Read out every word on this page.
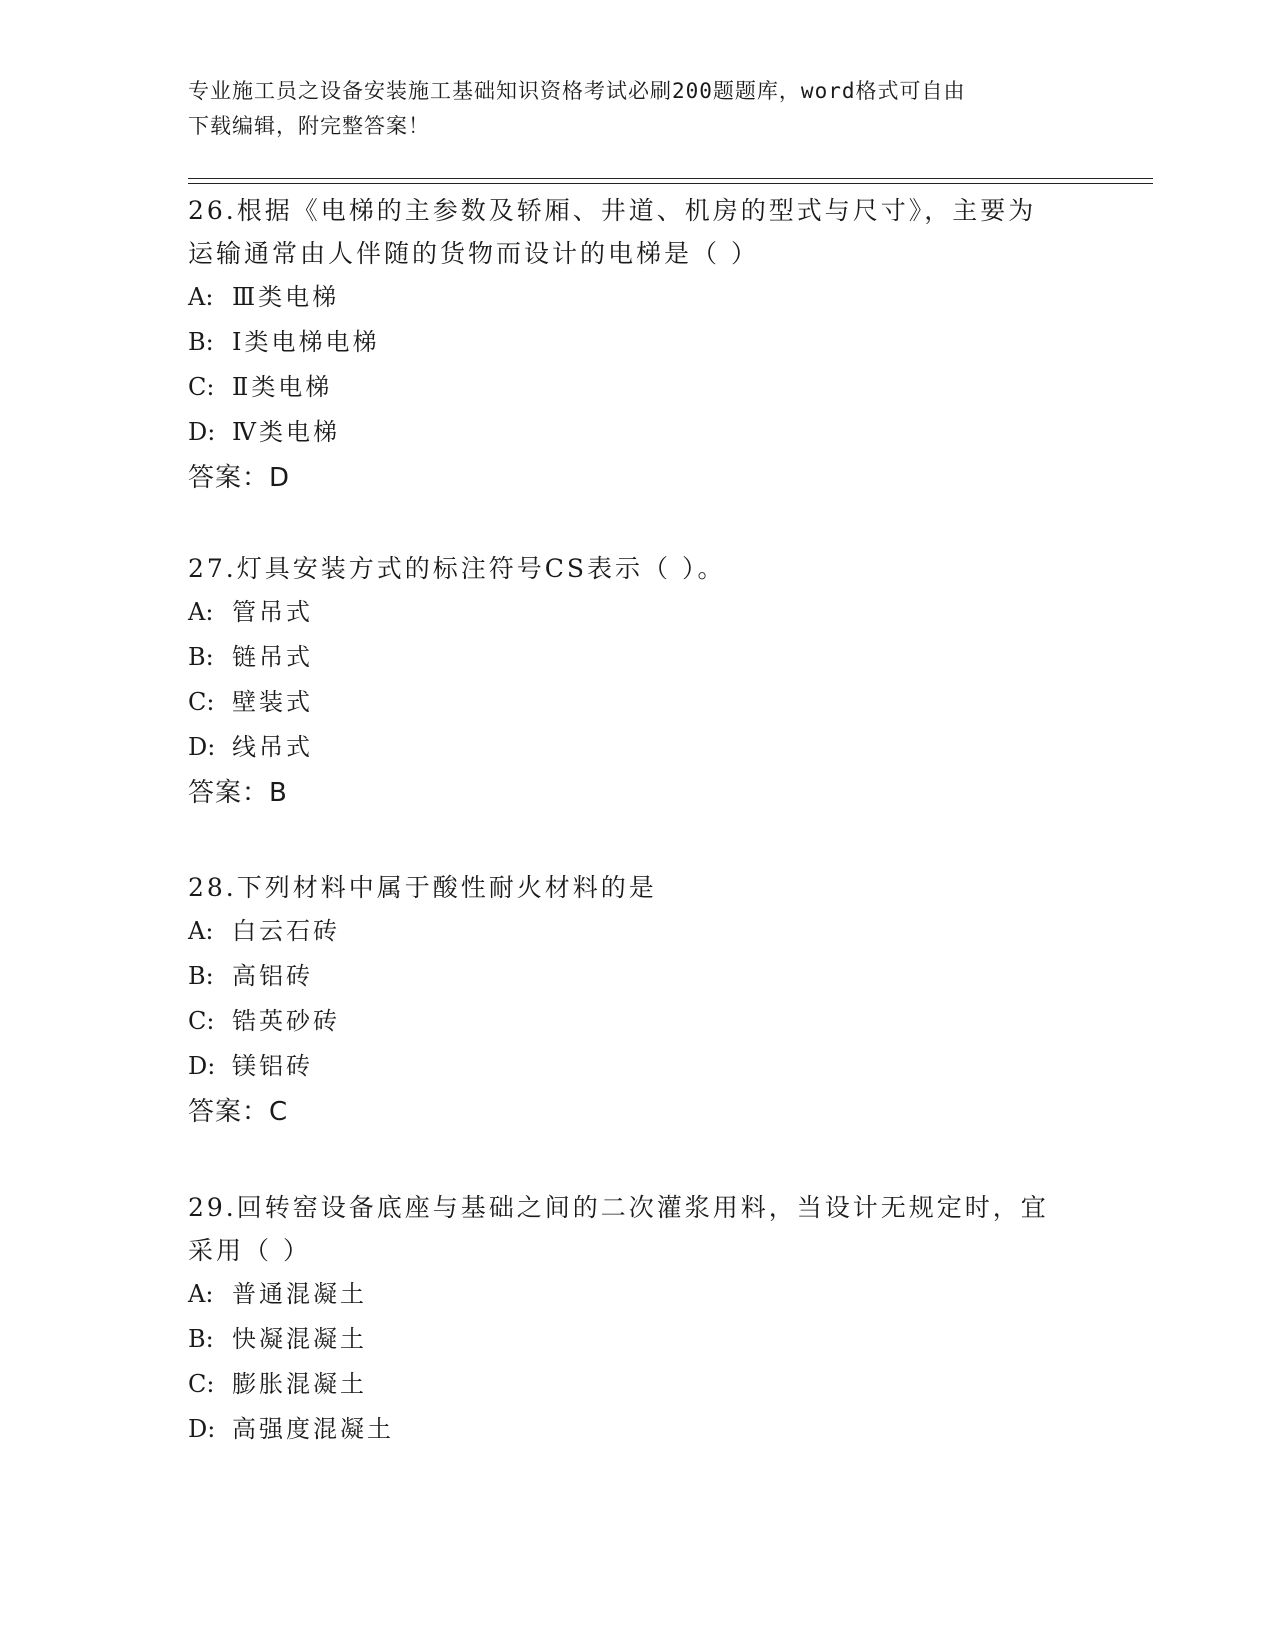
专业施工员之设备安装施工基础知识资格考试必刷200题题库，word格式可自由
下载编辑，附完整答案！
26.根据《电梯的主参数及轿厢、井道、机房的型式与尺寸》，主要为
运输通常由人伴随的货物而设计的电梯是（ ）
A: Ⅲ类电梯
B: Ⅰ类电梯电梯
C: Ⅱ类电梯
D: Ⅳ类电梯
答案：D
27.灯具安装方式的标注符号CS表示（ ）。
A: 管吊式
B: 链吊式
C: 壁装式
D: 线吊式
答案：B
28.下列材料中属于酸性耐火材料的是
A: 白云石砖
B: 高铝砖
C: 锆英砂砖
D: 镁铝砖
答案：C
29.回转窑设备底座与基础之间的二次灌浆用料，当设计无规定时，宜
采用（ ）
A: 普通混凝土
B: 快凝混凝土
C: 膨胀混凝土
D: 高强度混凝土
